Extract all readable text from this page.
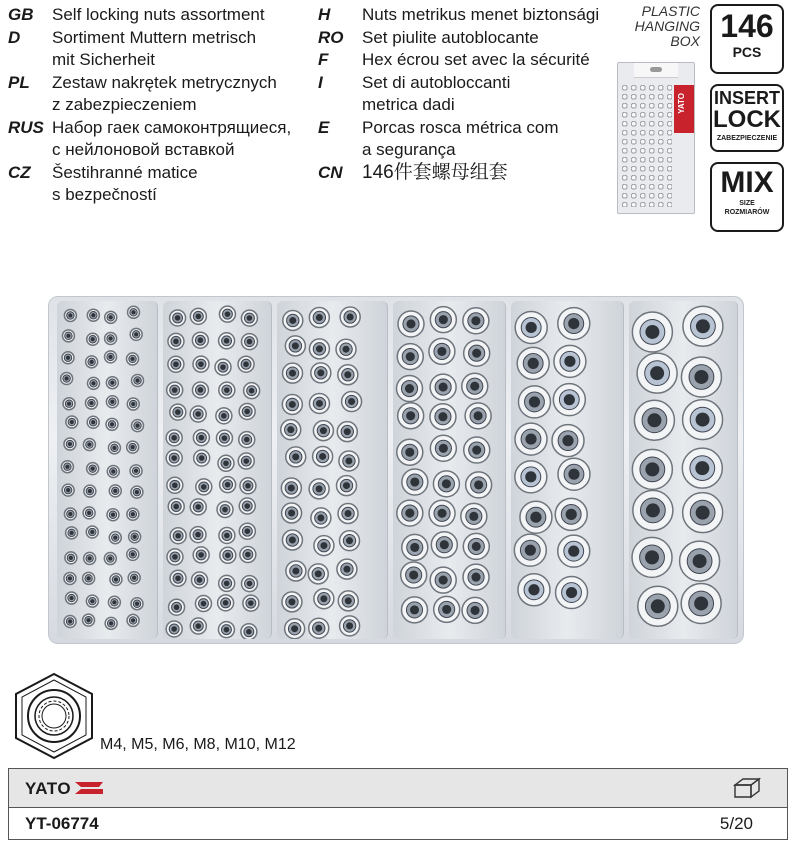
GB	Self locking nuts assortment
D	Sortiment Muttern metrisch
mit Sicherheit
PL	Zestaw nakrętek metrycznych
z zabezpieczeniem
RUS Набор гаек самоконтрящиеся,
с нейлоновой вставкой
CZ	Šestihranné matice
s bezpečností
H	Nuts metrikus menet biztonsági
RO	Set piulite autoblocante
F	Hex écrou set avec la sécurité
I	Set di autobloccanti
metrica dadi
E	Porcas rosca métrica com
a segurança
CN	146件套螺母组套
PLASTIC
HANGING
BOX
YATO
146
PCS
INSERT
LOCK
ZABEZPIECZENIE
MIX
SIZE
ROZMIARÓW
M4, M5, M6, M8, M10, M12
YATO
YT-06774	5/20
